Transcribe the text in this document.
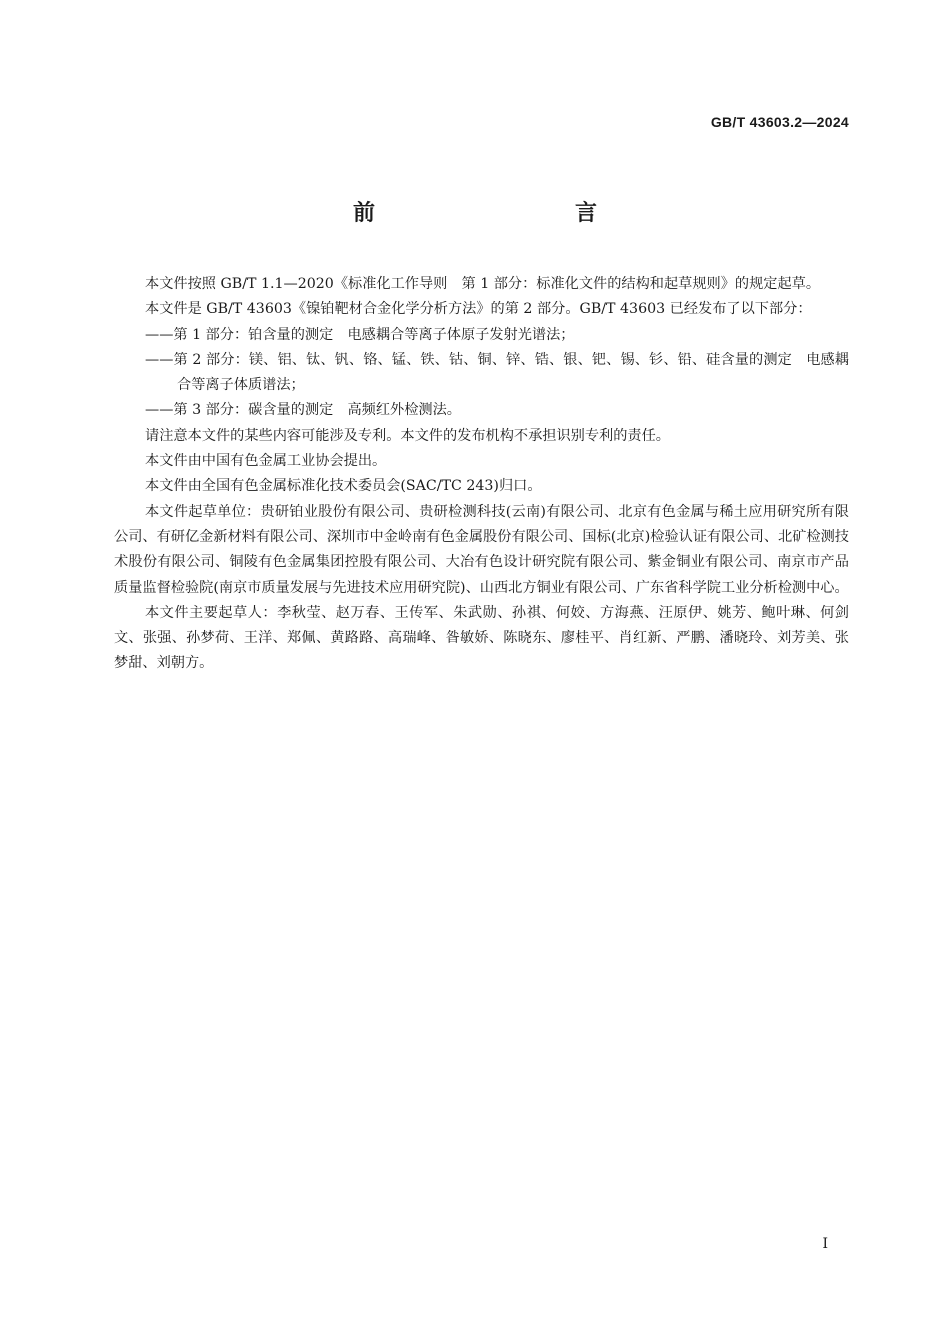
GB/T 43603.2—2024
前　　言

本文件按照 GB/T 1.1—2020《标准化工作导则　第 1 部分：标准化文件的结构和起草规则》的规定起草。

本文件是 GB/T 43603《镍铂靶材合金化学分析方法》的第 2 部分。GB/T 43603 已经发布了以下部分：

——第 1 部分：铂含量的测定　电感耦合等离子体原子发射光谱法；

——第 2 部分：镁、铝、钛、钒、铬、锰、铁、钴、铜、锌、锆、银、钯、锡、钐、铅、硅含量的测定　电感耦合等离子体质谱法；

——第 3 部分：碳含量的测定　高频红外检测法。

请注意本文件的某些内容可能涉及专利。本文件的发布机构不承担识别专利的责任。

本文件由中国有色金属工业协会提出。

本文件由全国有色金属标准化技术委员会(SAC/TC 243)归口。

本文件起草单位：贵研铂业股份有限公司、贵研检测科技(云南)有限公司、北京有色金属与稀土应用研究所有限公司、有研亿金新材料有限公司、深圳市中金岭南有色金属股份有限公司、国标(北京)检验认证有限公司、北矿检测技术股份有限公司、铜陵有色金属集团控股有限公司、大冶有色设计研究院有限公司、紫金铜业有限公司、南京市产品质量监督检验院(南京市质量发展与先进技术应用研究院)、山西北方铜业有限公司、广东省科学院工业分析检测中心。

本文件主要起草人：李秋莹、赵万春、王传军、朱武勋、孙祺、何姣、方海燕、汪原伊、姚芳、鲍叶琳、何剑文、张强、孙梦荷、王洋、郑佩、黄路路、高瑞峰、昝敏娇、陈晓东、廖桂平、肖红新、严鹏、潘晓玲、刘芳美、张梦甜、刘朝方。

I
